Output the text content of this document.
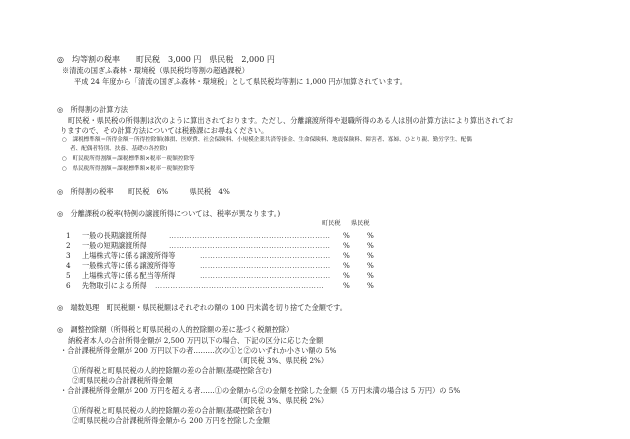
◎　均等割の税率　　町民税　3,000 円　県民税　2,000 円
※清流の国ぎふ森林・環境税（県民税均等割の超過課税）
平成 24 年度から「清流の国ぎふ森林・環境税」として県民税均等割に 1,000 円が加算されています。
◎　所得割の計算方法
町民税・県民税の所得割は次のように算出されております。ただし、分離譲渡所得や退職所得のある人は別の計算方法により算出されてお
りますので、その計算方法については税務課にお尋ねください。
○　課税標準額＝所得金額－所得控除額(雑損、医療費、社会保険料、小規模企業共済等掛金、生命保険料、地震保険料、障害者、寡婦、ひとり親、勤労学生、配偶
者、配偶者特別、扶養、基礎の各控除)
○　町民税所得割額＝課税標準額×税率－税額控除等
○　県民税所得割額＝課税標準額×税率－税額控除等
◎　所得割の税率　　町民税　6%　　　県民税　4%
◎　分離課税の税率(特例の譲渡所得については、税率が異なります。)
町民税 県民税
1 一般の長期譲渡所得	……………………………………………………… % %
2 一般の短期譲渡所得	……………………………………………………… % %
3 上場株式等に係る譲渡所得等	…………………………………………… % %
4 一般株式等に係る譲渡所得等	…………………………………………… % %
5 上場株式等に係る配当等所得	…………………………………………… % %
6 先物取引による所得 …………………………………………………………	% %
◎　端数処理　町民税額・県民税額はそれぞれの額の 100 円未満を切り捨てた金額です。
◎　調整控除額（所得税と町県民税の人的控除額の差に基づく税額控除）
納税者本人の合計所得金額が 2,500 万円以下の場合、下記の区分に応じた金額
・合計課税所得金額が 200 万円以下の者………次の①と②のいずれか小さい額の 5%
（町民税 3%、県民税 2%）
①所得税と町県民税の人的控除額の差の合計額(基礎控除含む)
②町県民税の合計課税所得金額
・合計課税所得金額が 200 万円を超える者……①の金額から②の金額を控除した金額（5 万円未満の場合は 5 万円）の 5%
（町民税 3%、県民税 2%）
①所得税と町県民税の人的控除額の差の合計額(基礎控除含む)
②町県民税の合計課税所得金額から 200 万円を控除した金額
